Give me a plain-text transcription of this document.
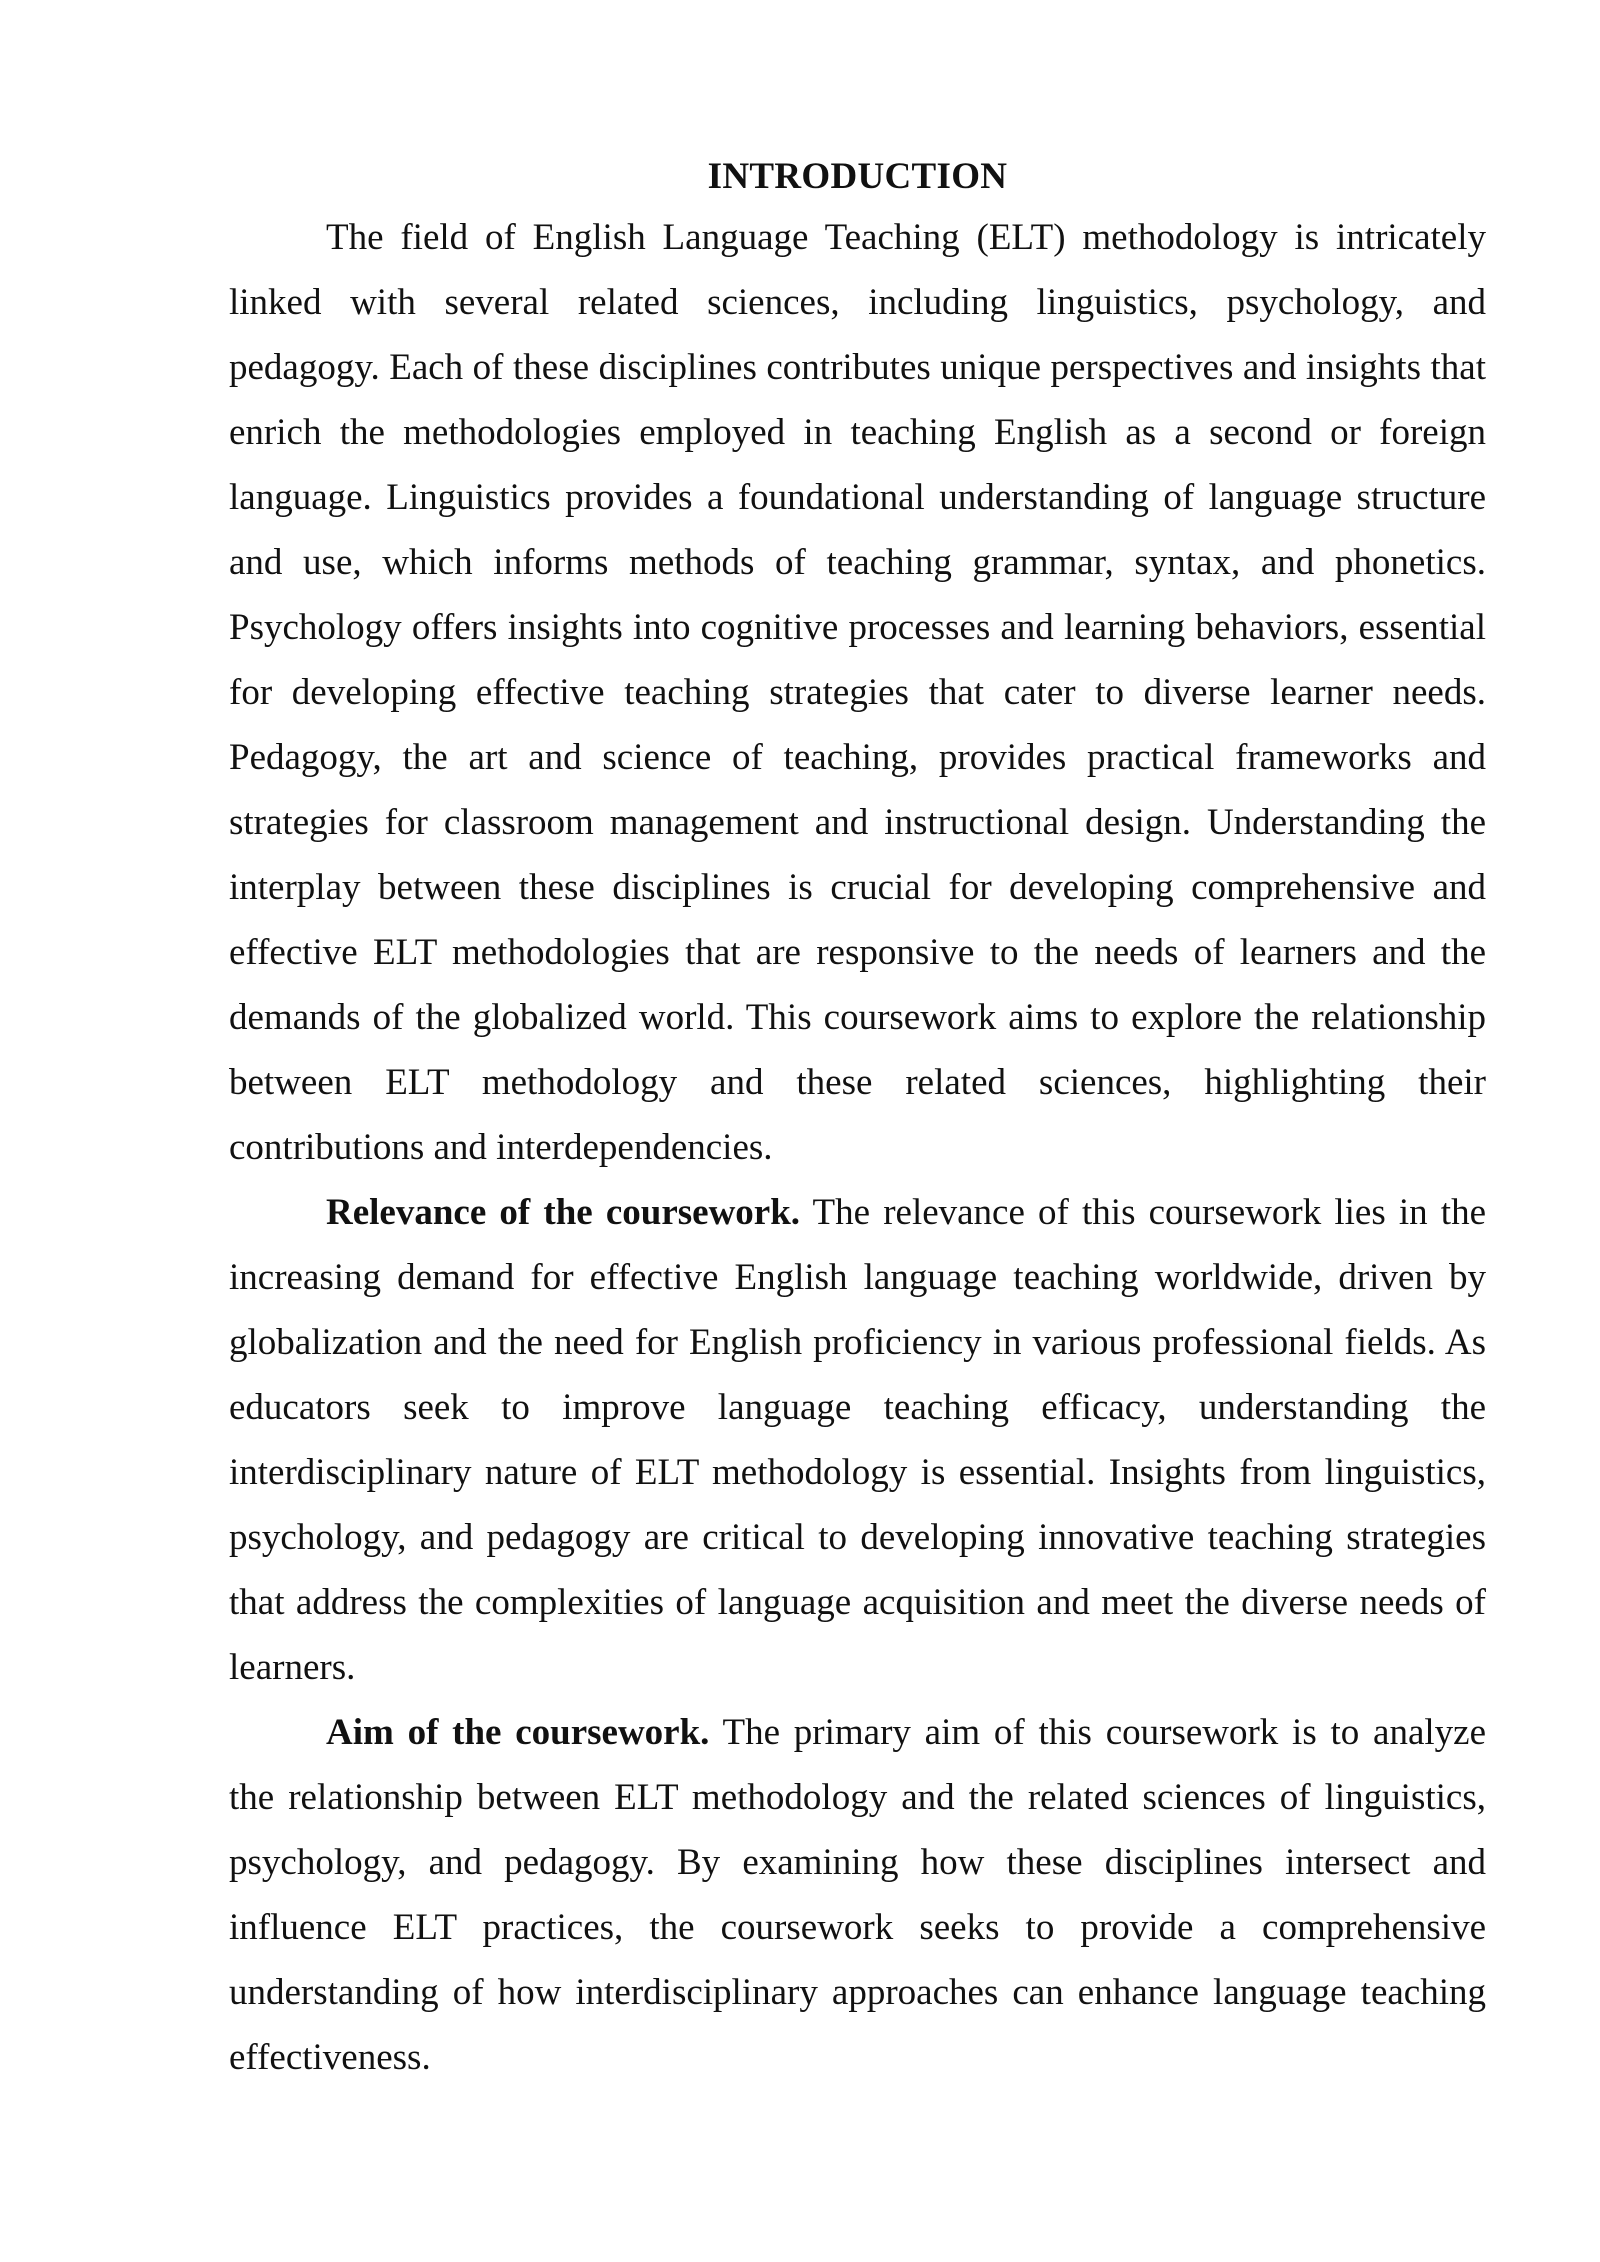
INTRODUCTION

The field of English Language Teaching (ELT) methodology is intricately linked with several related sciences, including linguistics, psychology, and pedagogy. Each of these disciplines contributes unique perspectives and insights that enrich the methodologies employed in teaching English as a second or foreign language. Linguistics provides a foundational understanding of language structure and use, which informs methods of teaching grammar, syntax, and phonetics. Psychology offers insights into cognitive processes and learning behaviors, essential for developing effective teaching strategies that cater to diverse learner needs. Pedagogy, the art and science of teaching, provides practical frameworks and strategies for classroom management and instructional design. Understanding the interplay between these disciplines is crucial for developing comprehensive and effective ELT methodologies that are responsive to the needs of learners and the demands of the globalized world. This coursework aims to explore the relationship between ELT methodology and these related sciences, highlighting their contributions and interdependencies.

Relevance of the coursework. The relevance of this coursework lies in the increasing demand for effective English language teaching worldwide, driven by globalization and the need for English proficiency in various professional fields. As educators seek to improve language teaching efficacy, understanding the interdisciplinary nature of ELT methodology is essential. Insights from linguistics, psychology, and pedagogy are critical to developing innovative teaching strategies that address the complexities of language acquisition and meet the diverse needs of learners.

Aim of the coursework. The primary aim of this coursework is to analyze the relationship between ELT methodology and the related sciences of linguistics, psychology, and pedagogy. By examining how these disciplines intersect and influence ELT practices, the coursework seeks to provide a comprehensive understanding of how interdisciplinary approaches can enhance language teaching effectiveness.
